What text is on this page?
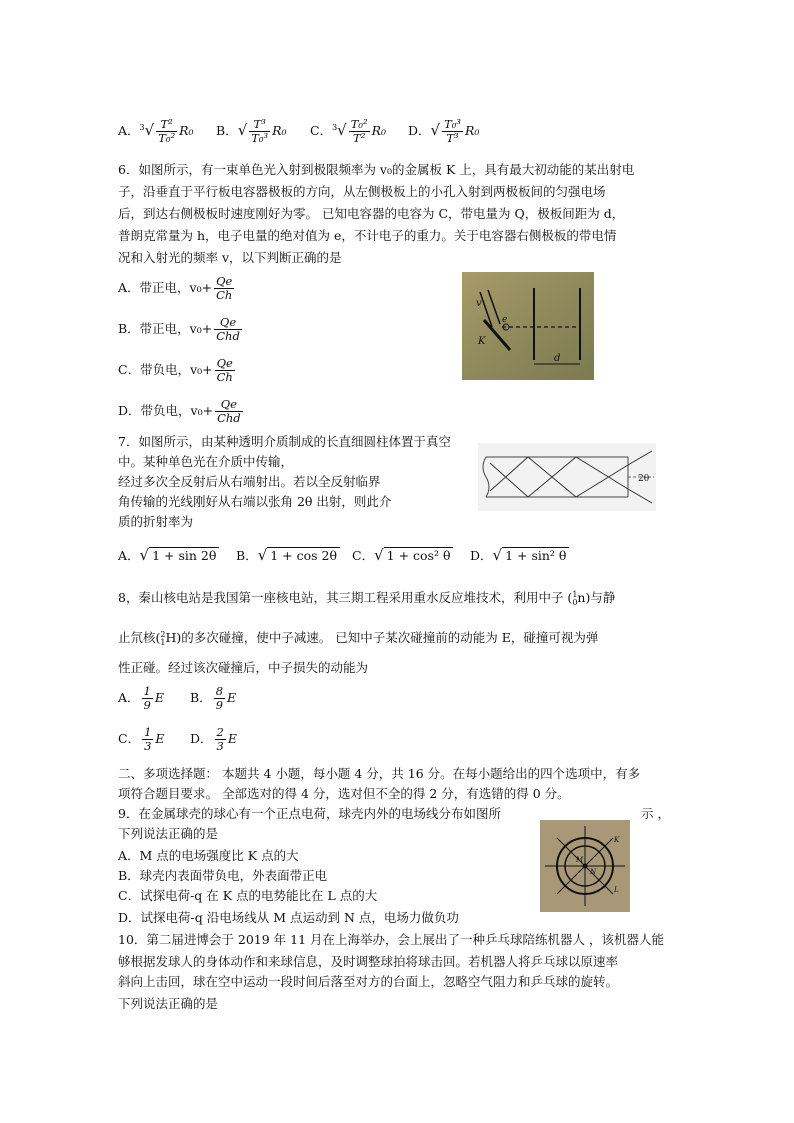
A．$^3√ \frac{\text{T²}}{\text{T₀²}} R_0$ B．√ $\frac{\text{T³}}{\text{T₀³}} R_0$ C．$^3√ \frac{\text{T₀²}}{\text{T²}} R_0$ D．√ $\frac{\text{T₀³}}{\text{T³}} R_0$
6．如图所示，有一束单色光入射到极限频率为 v₀的金属板 K 上，具有最大初动能的某出射电
子，沿垂直于平行板电容器极板的方向，从左侧极板上的小孔入射到两极板间的匀强电场
后，到达右侧极板时速度刚好为零。 已知电容器的电容为 C，带电量为 Q，极板间距为 d，
普朗克常量为 h，电子电量的绝对值为 e，不计电子的重力。关于电容器右侧极板的带电情
况和入射光的频率 v，以下判断正确的是
A．带正电，$v_0+ \frac{Qe}{Ch}$
B．带正电，$v_0+ \frac{Qe}{\text{Chd}}$
C．带负电，$v_0+ \frac{Qe}{Ch}$
D．带负电，$v_0+ \frac{Qe}{\text{Chd}}$
v
K
e
d
7．如图所示，由某种透明介质制成的长直细圆柱体置于真空
中。某种单色光在介质中传输，
经过多次全反射后从右端射出。若以全反射临界
角传输的光线刚好从右端以张角 2θ 出射，则此介
质的折射率为
2θ
A．√ 1 + sin 2θ B．√ 1 + cos 2θ C．√ 1 + cos² θ D．√ 1 + sin² θ
8，秦山核电站是我国第一座核电站，其三期工程采用重水反应堆技术，利用中子 ( 1
0 n)与静
止氘核( 2
1 H)的多次碰撞，使中子减速。 已知中子某次碰撞前的动能为 E，碰撞可视为弹
性正碰。经过该次碰撞后，中子损失的动能为
A． $\frac{1}{9}$ E B． $\frac{8}{9}$ E
C． $\frac{1}{3}$ E D． $\frac{2}{3}$ E
二、多项选择题： 本题共 4 小题，每小题 4 分，共 16 分。在每小题给出的四个选项中，有多
项符合题目要求。 全部选对的得 4 分，选对但不全的得 2 分，有选错的得 0 分。
9．在金属球壳的球心有一个正点电荷，球壳内外的电场线分布如图所	示 ，
下列说法正确的是
A．M 点的电场强度比 K 点的大
B．球壳内表面带负电，外表面带正电
C．试探电荷-q 在 K 点的电势能比在 L 点的大
D．试探电荷-q 沿电场线从 M 点运动到 N 点，电场力做负功
M
N
K
L
10．第二届进博会于 2019 年 11 月在上海举办，会上展出了一种乒乓球陪练机器人 ，该机器人能
够根据发球人的身体动作和来球信息，及时调整球拍将球击回。若机器人将乒乓球以原速率
斜向上击回，球在空中运动一段时间后落至对方的台面上，忽略空气阻力和乒乓球的旋转。
下列说法正确的是
